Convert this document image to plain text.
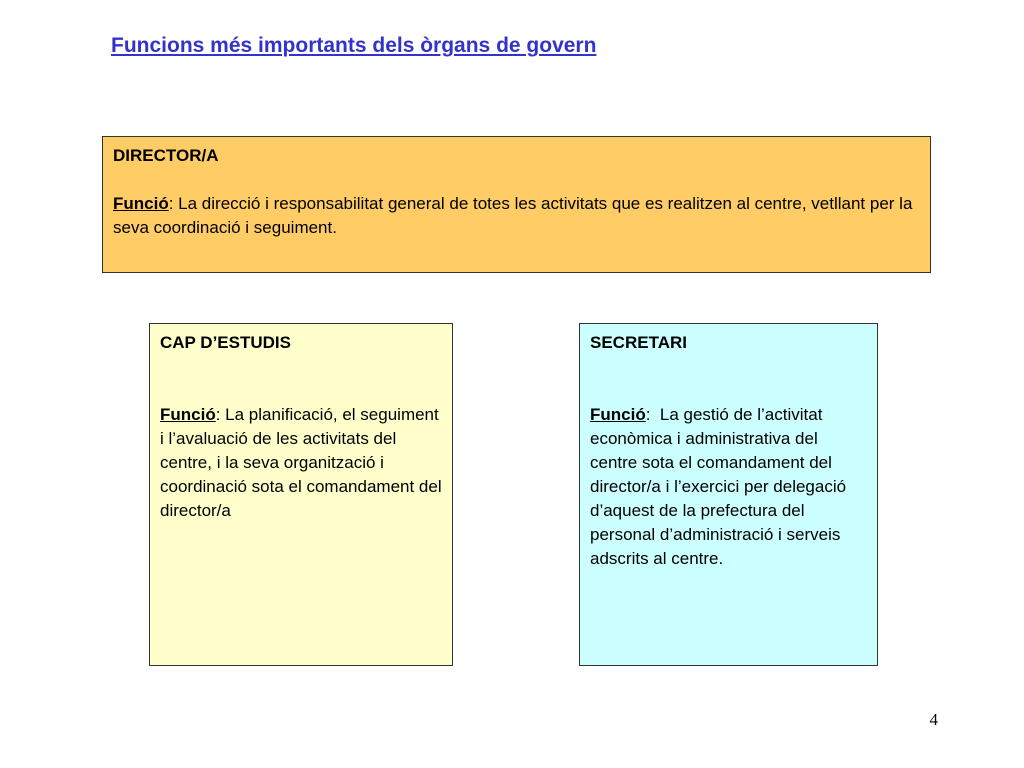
Funcions més importants dels òrgans de govern
DIRECTOR/A
Funció: La direcció i responsabilitat general de totes les activitats que es realitzen al centre, vetllant per la seva coordinació i seguiment.
CAP D’ESTUDIS
Funció: La planificació, el seguiment i l’avaluació de les activitats del centre, i la seva organització i coordinació sota el comandament del director/a
SECRETARI
Funció:  La gestió de l’activitat econòmica i administrativa del centre sota el comandament del director/a i l’exercici per delegació d’aquest de la prefectura del personal d’administració i serveis adscrits al centre.
4
